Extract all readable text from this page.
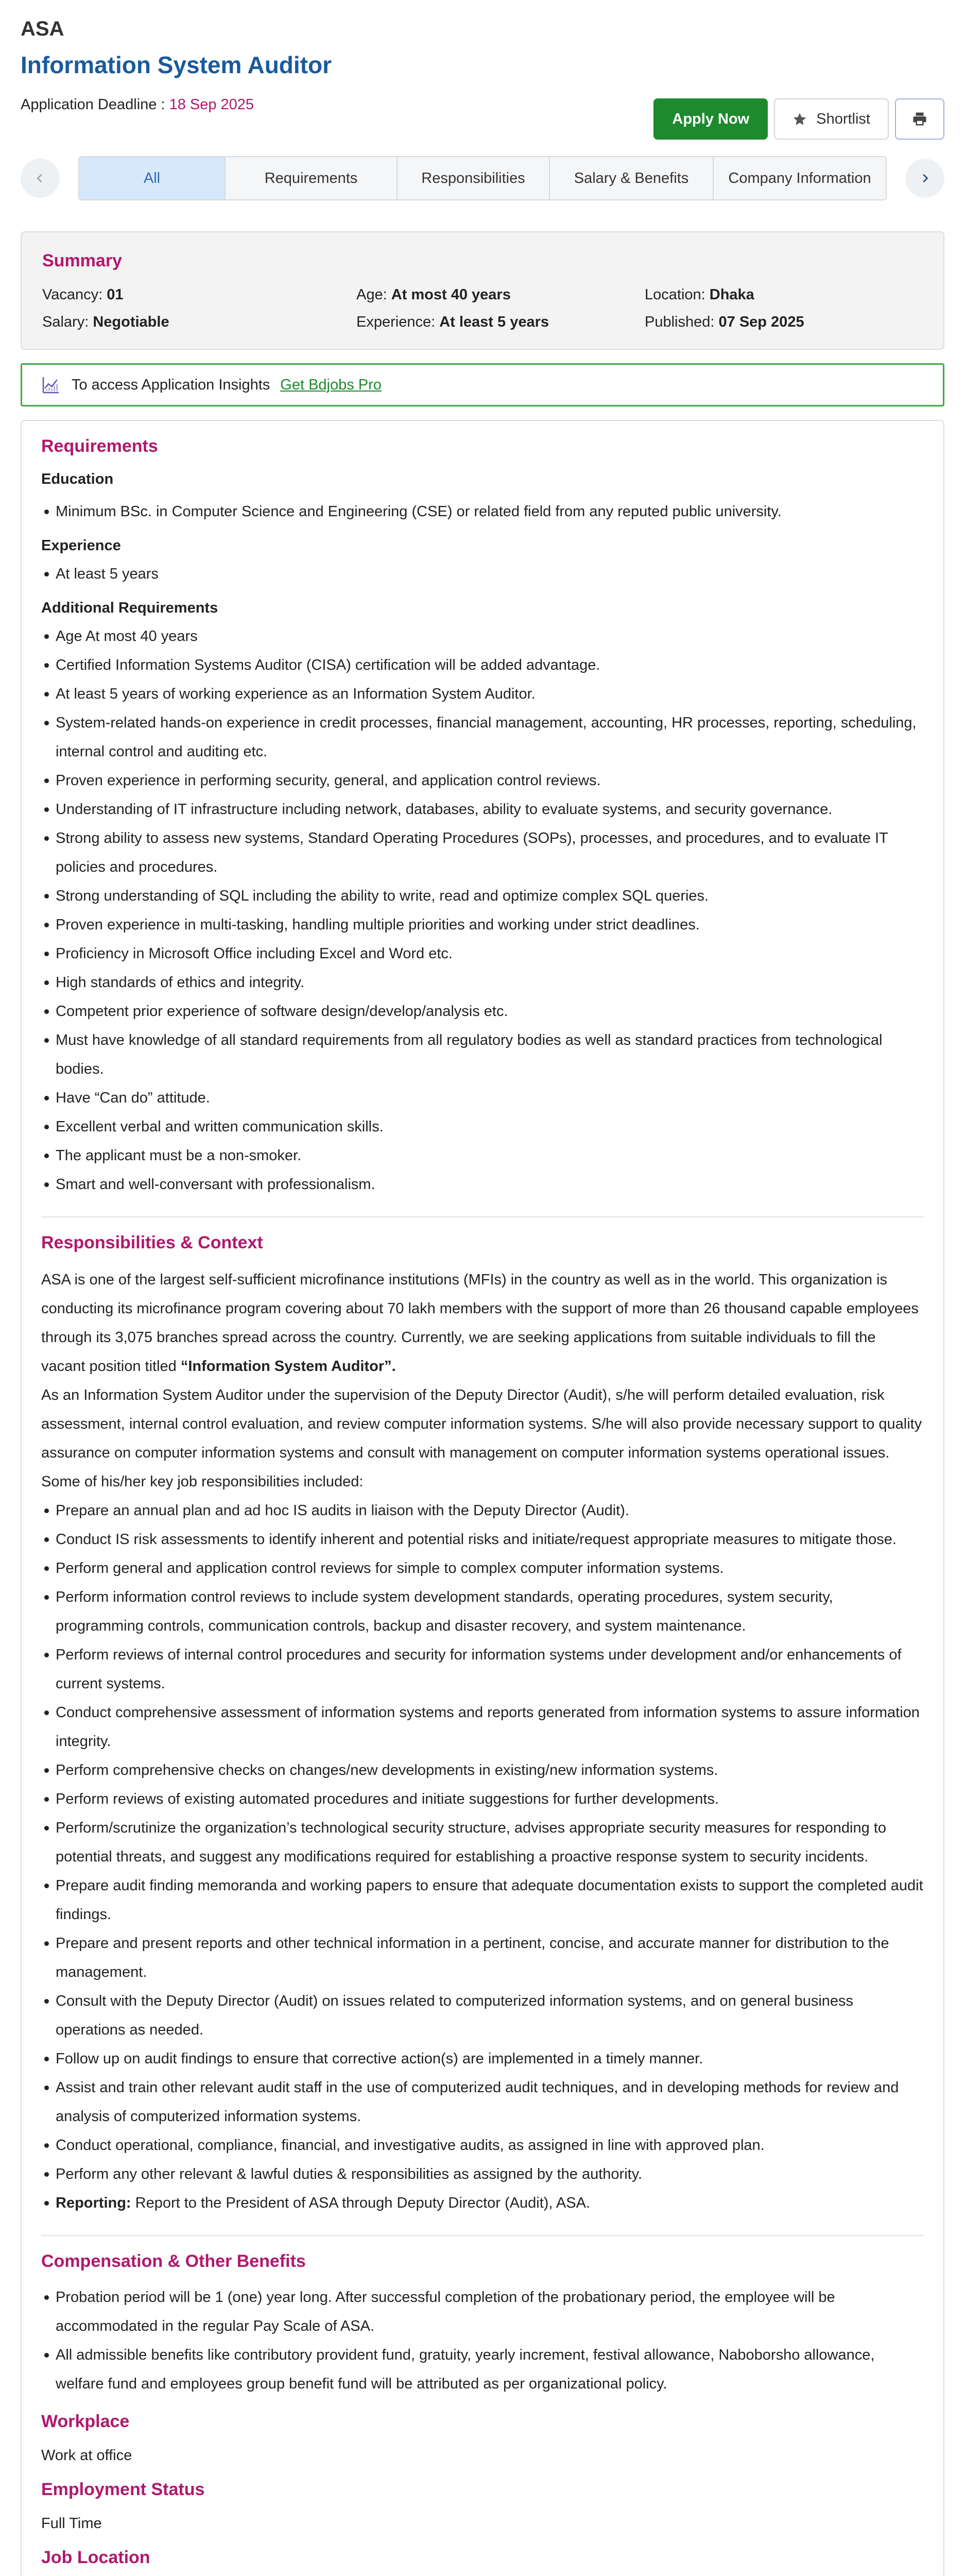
ASA
Information System Auditor
Application Deadline : 18 Sep 2025
Apply Now	Shortlist
All	Requirements	Responsibilities	Salary & Benefits	Company Information
Summary
Vacancy: 01	Age: At most 40 years	Location: Dhaka
Salary: Negotiable	Experience: At least 5 years	Published: 07 Sep 2025
To access Application Insights Get Bdjobs Pro
Requirements
Education
Minimum BSc. in Computer Science and Engineering (CSE) or related field from any reputed public university.
Experience
At least 5 years
Additional Requirements
Age At most 40 years
Certified Information Systems Auditor (CISA) certification will be added advantage.
At least 5 years of working experience as an Information System Auditor.
System-related hands-on experience in credit processes, financial management, accounting, HR processes, reporting, scheduling, internal control and auditing etc.
Proven experience in performing security, general, and application control reviews.
Understanding of IT infrastructure including network, databases, ability to evaluate systems, and security governance.
Strong ability to assess new systems, Standard Operating Procedures (SOPs), processes, and procedures, and to evaluate IT policies and procedures.
Strong understanding of SQL including the ability to write, read and optimize complex SQL queries.
Proven experience in multi-tasking, handling multiple priorities and working under strict deadlines.
Proficiency in Microsoft Office including Excel and Word etc.
High standards of ethics and integrity.
Competent prior experience of software design/develop/analysis etc.
Must have knowledge of all standard requirements from all regulatory bodies as well as standard practices from technological bodies.
Have “Can do” attitude.
Excellent verbal and written communication skills.
The applicant must be a non-smoker.
Smart and well-conversant with professionalism.
Responsibilities & Context
ASA is one of the largest self-sufficient microfinance institutions (MFIs) in the country as well as in the world. This organization is conducting its microfinance program covering about 70 lakh members with the support of more than 26 thousand capable employees through its 3,075 branches spread across the country. Currently, we are seeking applications from suitable individuals to fill the vacant position titled “Information System Auditor”.
As an Information System Auditor under the supervision of the Deputy Director (Audit), s/he will perform detailed evaluation, risk assessment, internal control evaluation, and review computer information systems. S/he will also provide necessary support to quality assurance on computer information systems and consult with management on computer information systems operational issues. Some of his/her key job responsibilities included:
Prepare an annual plan and ad hoc IS audits in liaison with the Deputy Director (Audit).
Conduct IS risk assessments to identify inherent and potential risks and initiate/request appropriate measures to mitigate those.
Perform general and application control reviews for simple to complex computer information systems.
Perform information control reviews to include system development standards, operating procedures, system security, programming controls, communication controls, backup and disaster recovery, and system maintenance.
Perform reviews of internal control procedures and security for information systems under development and/or enhancements of current systems.
Conduct comprehensive assessment of information systems and reports generated from information systems to assure information integrity.
Perform comprehensive checks on changes/new developments in existing/new information systems.
Perform reviews of existing automated procedures and initiate suggestions for further developments.
Perform/scrutinize the organization’s technological security structure, advises appropriate security measures for responding to potential threats, and suggest any modifications required for establishing a proactive response system to security incidents.
Prepare audit finding memoranda and working papers to ensure that adequate documentation exists to support the completed audit findings.
Prepare and present reports and other technical information in a pertinent, concise, and accurate manner for distribution to the management.
Consult with the Deputy Director (Audit) on issues related to computerized information systems, and on general business operations as needed.
Follow up on audit findings to ensure that corrective action(s) are implemented in a timely manner.
Assist and train other relevant audit staff in the use of computerized audit techniques, and in developing methods for review and analysis of computerized information systems.
Conduct operational, compliance, financial, and investigative audits, as assigned in line with approved plan.
Perform any other relevant & lawful duties & responsibilities as assigned by the authority.
Reporting: Report to the President of ASA through Deputy Director (Audit), ASA.
Compensation & Other Benefits
Probation period will be 1 (one) year long. After successful completion of the probationary period, the employee will be accommodated in the regular Pay Scale of ASA.
All admissible benefits like contributory provident fund, gratuity, yearly increment, festival allowance, Naboborsho allowance, welfare fund and employees group benefit fund will be attributed as per organizational policy.
Workplace
Work at office
Employment Status
Full Time
Job Location
